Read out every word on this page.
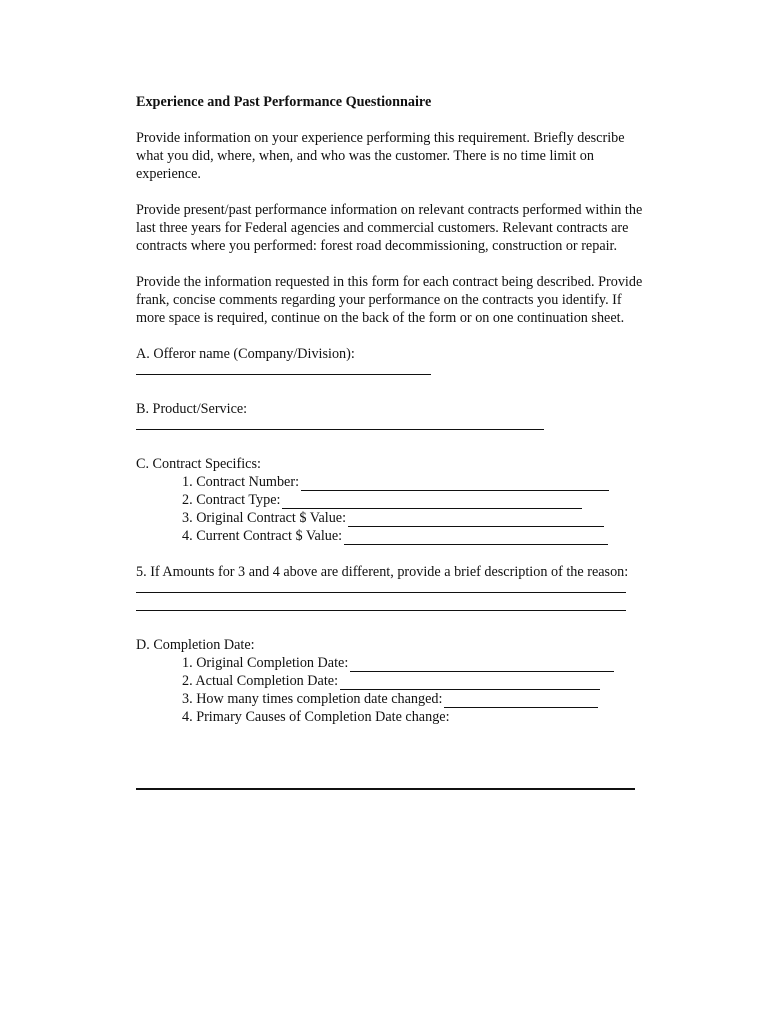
Experience and Past Performance Questionnaire
Provide information on your experience performing this requirement. Briefly describe what you did, where, when, and who was the customer. There is no time limit on experience.
Provide present/past performance information on relevant contracts performed within the last three years for Federal agencies and commercial customers. Relevant contracts are contracts where you performed: forest road decommissioning, construction or repair.
Provide the information requested in this form for each contract being described. Provide frank, concise comments regarding your performance on the contracts you identify. If more space is required, continue on the back of the form or on one continuation sheet.
A. Offeror name (Company/Division):
B. Product/Service:
C. Contract Specifics:
1. Contract Number:
2. Contract Type:
3. Original Contract $ Value:
4. Current Contract $ Value:
5. If Amounts for 3 and 4 above are different, provide a brief description of the reason:
D. Completion Date:
1. Original Completion Date:
2. Actual Completion Date:
3. How many times completion date changed:
4. Primary Causes of Completion Date change:
